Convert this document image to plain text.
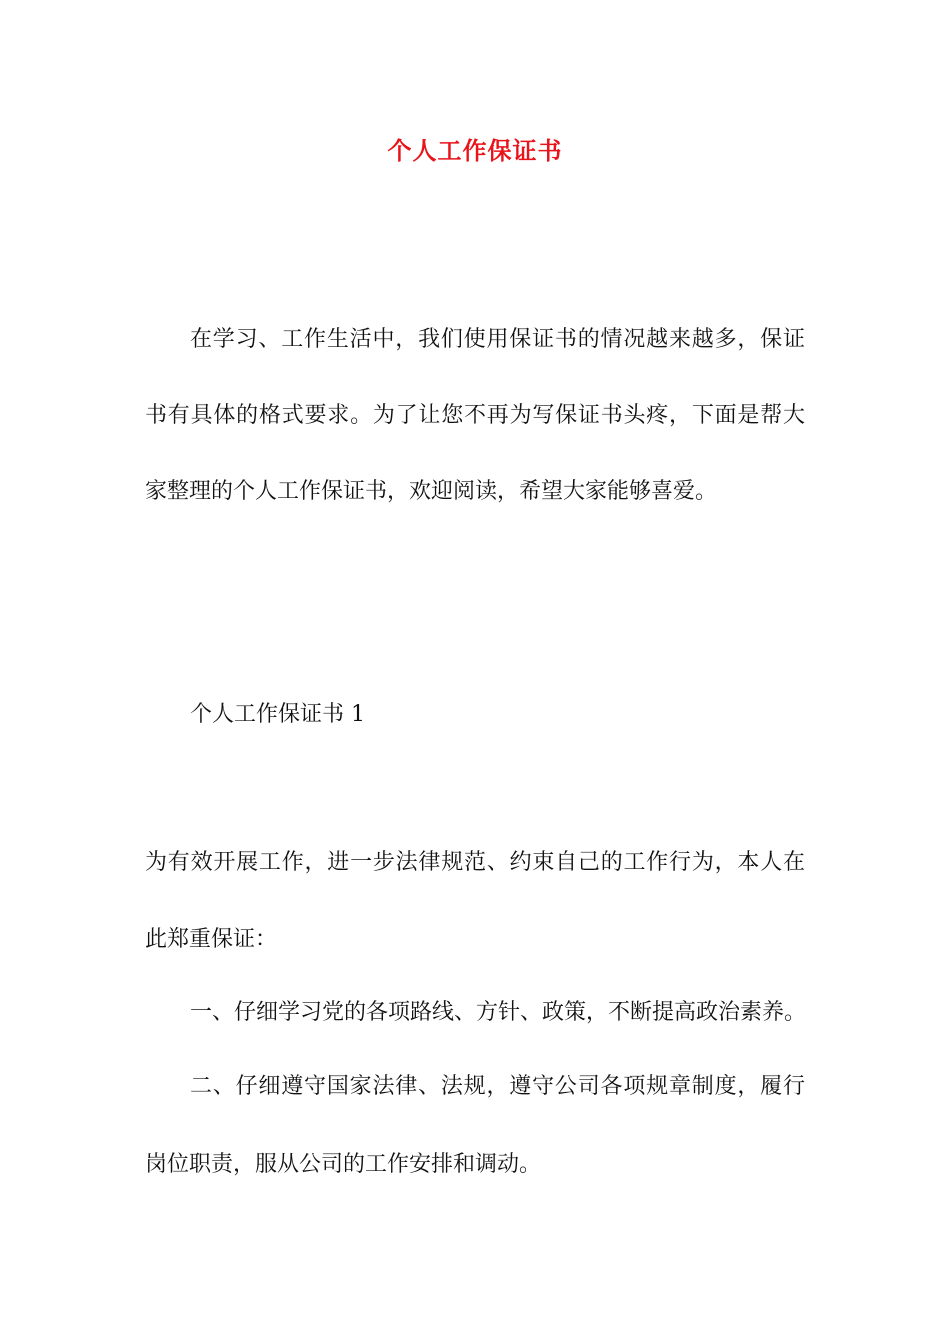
个人工作保证书
在学习、工作生活中，我们使用保证书的情况越来越多，保证
书有具体的格式要求。为了让您不再为写保证书头疼，下面是帮大
家整理的个人工作保证书，欢迎阅读，希望大家能够喜爱。
个人工作保证书 1
为有效开展工作，进一步法律规范、约束自己的工作行为，本人在
此郑重保证：
一、仔细学习党的各项路线、方针、政策，不断提高政治素养。
二、仔细遵守国家法律、法规，遵守公司各项规章制度，履行
岗位职责，服从公司的工作安排和调动。
